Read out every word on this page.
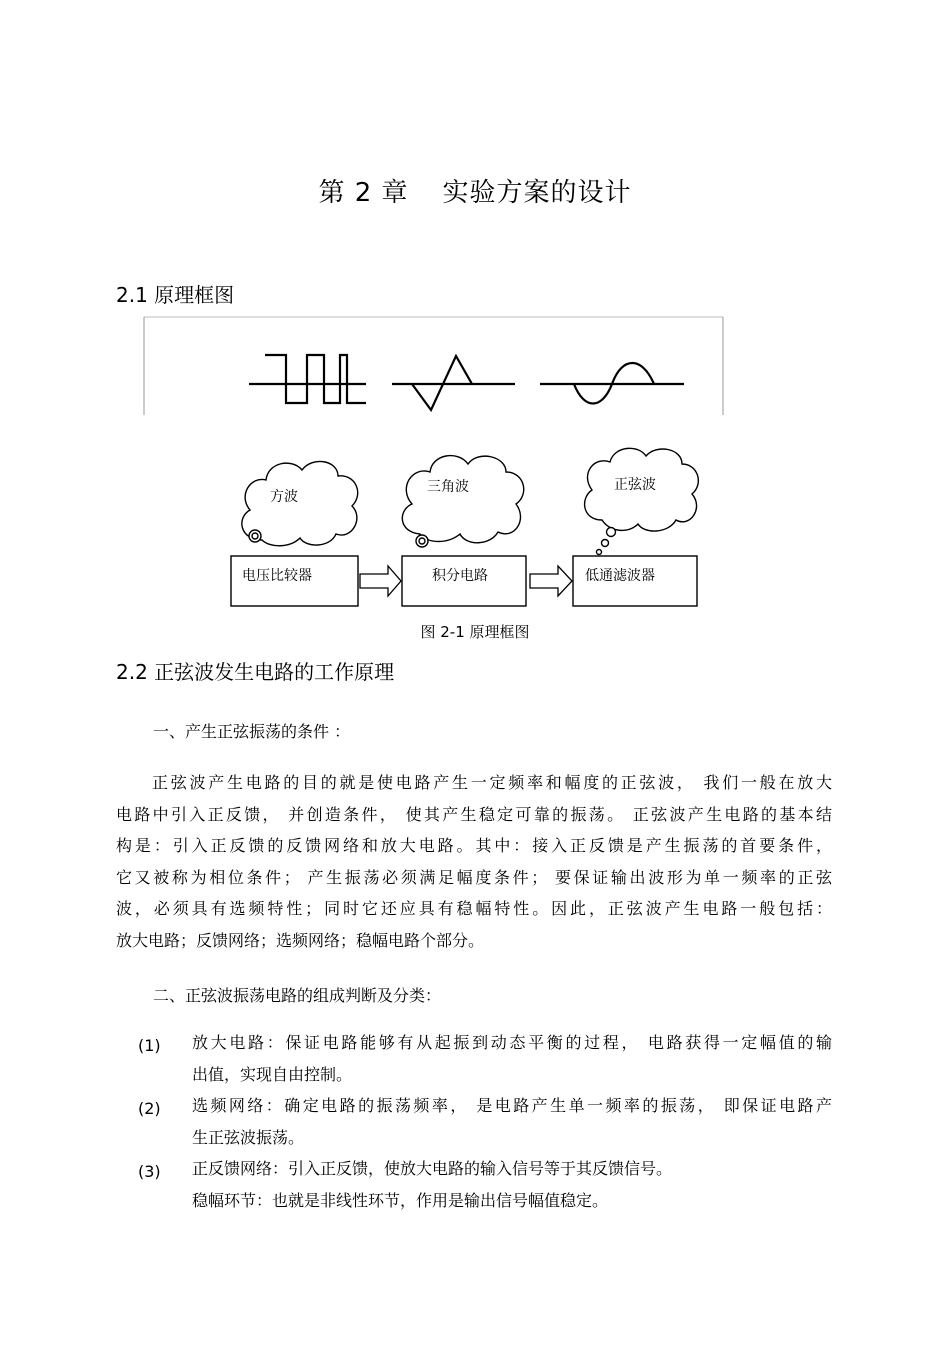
第 2 章 实验方案的设计
2.1 原理框图
方波
三角波	正弦波
电压比较器	积分电路	低通滤波器
图 2-1 原理框图
2.2 正弦波发生电路的工作原理
一、产生正弦振荡的条件 ：
正弦波产生电路的目的就是使电路产生一定频率和幅度的正弦波， 我们一般在放大
电路中引入正反馈， 并创造条件， 使其产生稳定可靠的振荡。 正弦波产生电路的基本结
构是：引入正反馈的反馈网络和放大电路。其中：接入正反馈是产生振荡的首要条件，
它又被称为相位条件； 产生振荡必须满足幅度条件； 要保证输出波形为单一频率的正弦
波，必须具有选频特性；同时它还应具有稳幅特性。因此，正弦波产生电路一般包括：
放大电路；反馈网络；选频网络；稳幅电路个部分。
二、正弦波振荡电路的组成判断及分类：
(1) 放大电路：保证电路能够有从起振到动态平衡的过程， 电路获得一定幅值的输
出值，实现自由控制。
(2) 选频网络：确定电路的振荡频率， 是电路产生单一频率的振荡， 即保证电路产
生正弦波振荡。
(3) 正反馈网络：引入正反馈，使放大电路的输入信号等于其反馈信号。
稳幅环节：也就是非线性环节，作用是输出信号幅值稳定。
